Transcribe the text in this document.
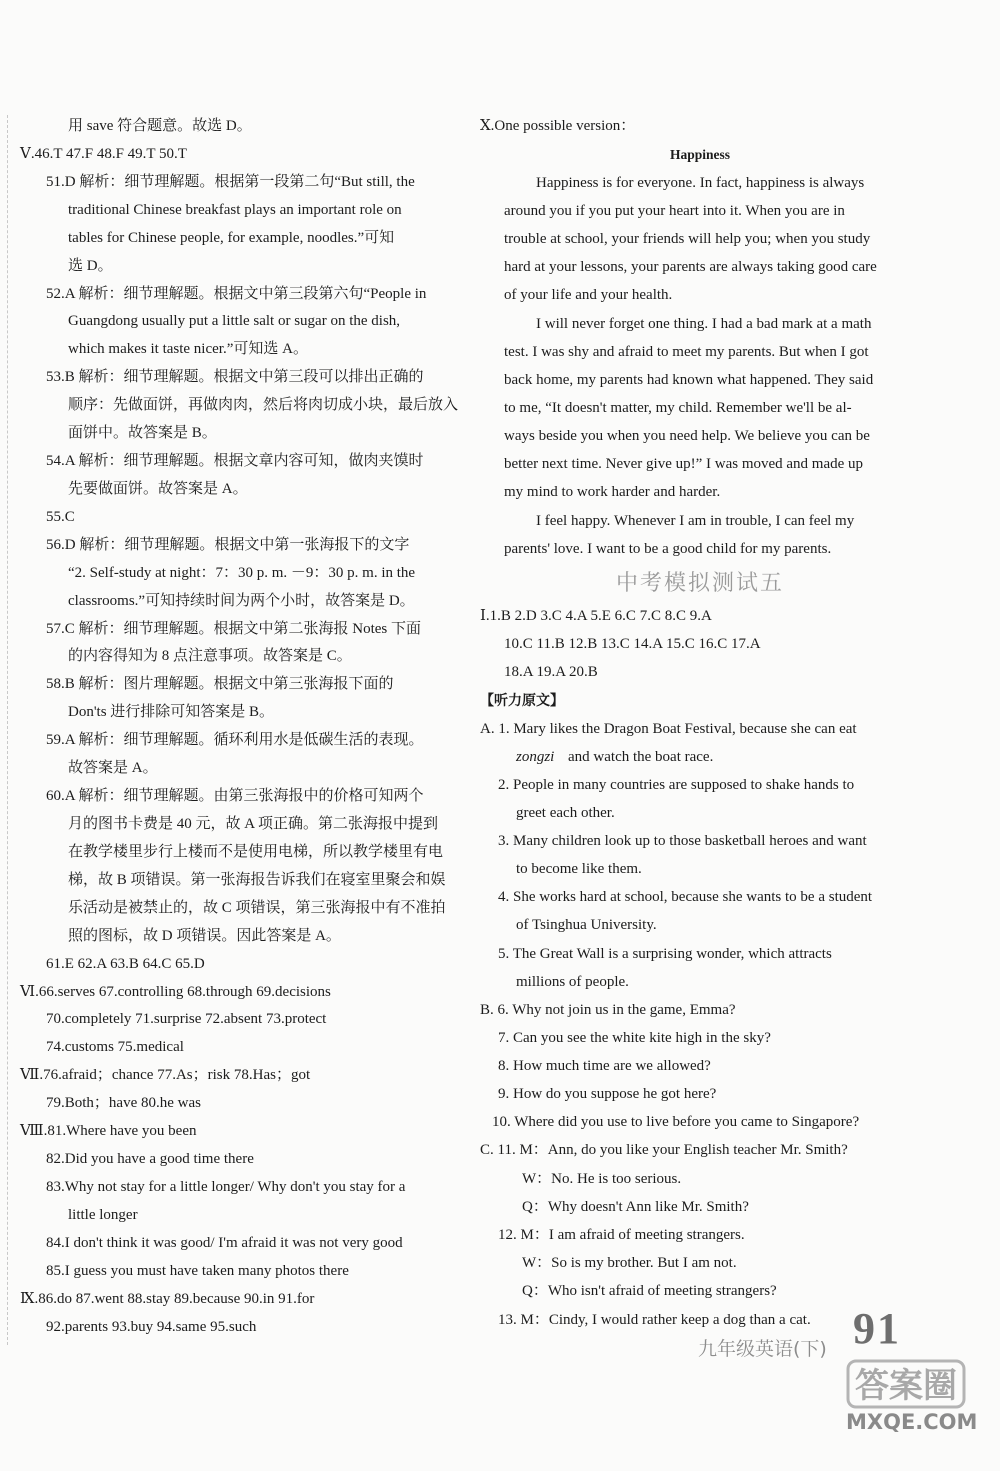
用 save 符合题意。故选 D。
Ⅴ.46.T 47.F 48.F 49.T 50.T
51.D 解析：细节理解题。根据第一段第二句“But still, the
traditional Chinese breakfast plays an important role on
tables for Chinese people, for example, noodles.”可知
选 D。
52.A 解析：细节理解题。根据文中第三段第六句“People in
Guangdong usually put a little salt or sugar on the dish,
which makes it taste nicer.”可知选 A。
53.B 解析：细节理解题。根据文中第三段可以排出正确的
顺序：先做面饼，再做肉肉，然后将肉切成小块，最后放入
面饼中。故答案是 B。
54.A 解析：细节理解题。根据文章内容可知，做肉夹馍时
先要做面饼。故答案是 A。
55.C
56.D 解析：细节理解题。根据文中第一张海报下的文字
“2. Self-study at night：7：30 p. m. －9：30 p. m. in the
classrooms.”可知持续时间为两个小时，故答案是 D。
57.C 解析：细节理解题。根据文中第二张海报 Notes 下面
的内容得知为 8 点注意事项。故答案是 C。
58.B 解析：图片理解题。根据文中第三张海报下面的
Don'ts 进行排除可知答案是 B。
59.A 解析：细节理解题。循环利用水是低碳生活的表现。
故答案是 A。
60.A 解析：细节理解题。由第三张海报中的价格可知两个
月的图书卡费是 40 元，故 A 项正确。第二张海报中提到
在教学楼里步行上楼而不是使用电梯，所以教学楼里有电
梯，故 B 项错误。第一张海报告诉我们在寝室里聚会和娱
乐活动是被禁止的，故 C 项错误，第三张海报中有不准拍
照的图标，故 D 项错误。因此答案是 A。
61.E 62.A 63.B 64.C 65.D
Ⅵ.66.serves 67.controlling 68.through 69.decisions
70.completely 71.surprise 72.absent 73.protect
74.customs 75.medical
Ⅶ.76.afraid；chance 77.As；risk 78.Has；got
79.Both；have 80.he was
Ⅷ.81.Where have you been
82.Did you have a good time there
83.Why not stay for a little longer/ Why don't you stay for a
little longer
84.I don't think it was good/ I'm afraid it was not very good
85.I guess you must have taken many photos there
Ⅸ.86.do 87.went 88.stay 89.because 90.in 91.for
92.parents 93.buy 94.same 95.such
Ⅹ.One possible version：
Happiness
Happiness is for everyone. In fact, happiness is always
around you if you put your heart into it. When you are in
trouble at school, your friends will help you; when you study
hard at your lessons, your parents are always taking good care
of your life and your health.
I will never forget one thing. I had a bad mark at a math
test. I was shy and afraid to meet my parents. But when I got
back home, my parents had known what happened. They said
to me, “It doesn't matter, my child. Remember we'll be al-
ways beside you when you need help. We believe you can be
better next time. Never give up!” I was moved and made up
my mind to work harder and harder.
I feel happy. Whenever I am in trouble, I can feel my
parents' love. I want to be a good child for my parents.
中考模拟测试五
Ⅰ.1.B 2.D 3.C 4.A 5.E 6.C 7.C 8.C 9.A
10.C 11.B 12.B 13.C 14.A 15.C 16.C 17.A
18.A 19.A 20.B
【听力原文】
A. 1. Mary likes the Dragon Boat Festival, because she can eat
zongzi and watch the boat race.
2. People in many countries are supposed to shake hands to
greet each other.
3. Many children look up to those basketball heroes and want
to become like them.
4. She works hard at school, because she wants to be a student
of Tsinghua University.
5. The Great Wall is a surprising wonder, which attracts
millions of people.
B. 6. Why not join us in the game, Emma?
7. Can you see the white kite high in the sky?
8. How much time are we allowed?
9. How do you suppose he got here?
10. Where did you use to live before you came to Singapore?
C. 11. M：Ann, do you like your English teacher Mr. Smith?
W：No. He is too serious.
Q：Why doesn't Ann like Mr. Smith?
12. M：I am afraid of meeting strangers.
W：So is my brother. But I am not.
Q：Who isn't afraid of meeting strangers?
13. M：Cindy, I would rather keep a dog than a cat.
九年级英语(下) 91
答案圈
MXQE.COM
